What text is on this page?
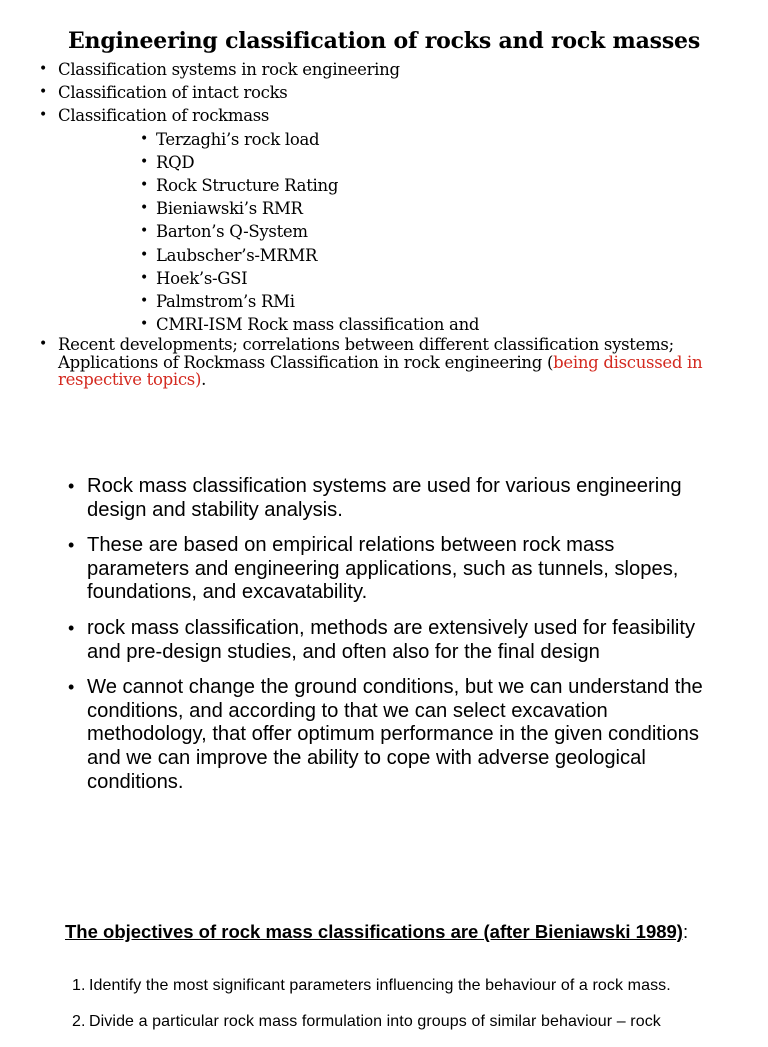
Engineering classification of rocks and rock masses
• Classification systems in rock engineering
• Classification of intact rocks
• Classification of rockmass
• Terzaghi’s rock load
• RQD
• Rock Structure Rating
• Bieniawski’s RMR
• Barton’s Q-System
• Laubscher’s-MRMR
• Hoek’s-GSI
• Palmstrom’s RMi
• CMRI-ISM Rock mass classification and
• Recent developments; correlations between different classification systems; Applications of Rockmass Classification in rock engineering (being discussed in respective topics).
• Rock mass classification systems are used for various engineering design and stability analysis.
• These are based on empirical relations between rock mass parameters and engineering applications, such as tunnels, slopes, foundations, and excavatability.
• rock mass classification, methods are extensively used for feasibility and pre-design studies, and often also for the final design
• We cannot change the ground conditions, but we can understand the conditions, and according to that we can select excavation methodology, that offer optimum performance in the given conditions and we can improve the ability to cope with adverse geological conditions.
The objectives of rock mass classifications are (after Bieniawski 1989):
1. Identify the most significant parameters influencing the behaviour of a rock mass.
2. Divide a particular rock mass formulation into groups of similar behaviour – rock
